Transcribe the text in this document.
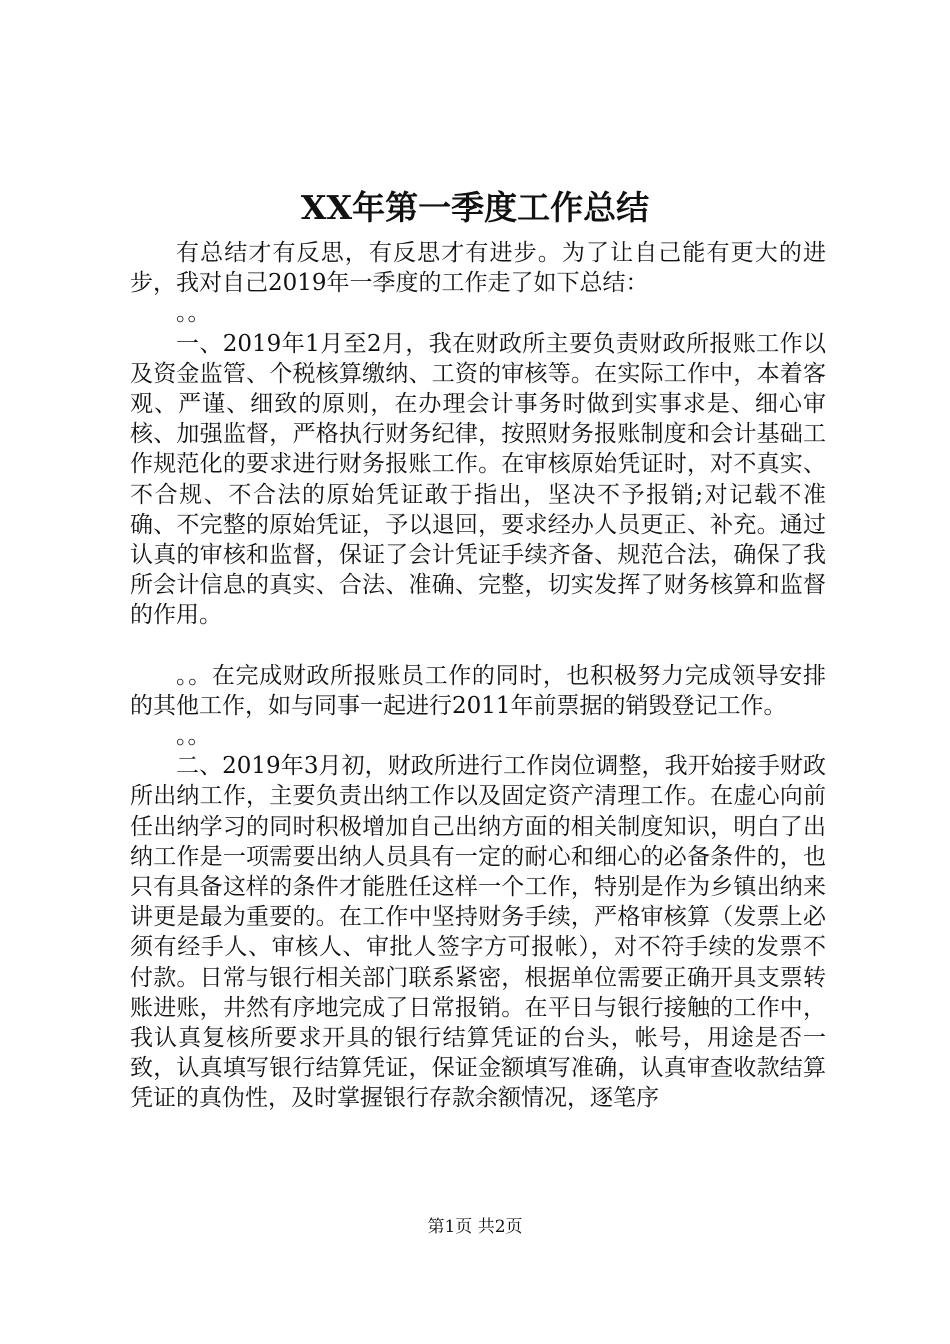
XX年第一季度工作总结

有总结才有反思，有反思才有进步。为了让自己能有更大的进步，我对自己2019年一季度的工作走了如下总结：

。。

一、2019年1月至2月，我在财政所主要负责财政所报账工作以及资金监管、个税核算缴纳、工资的审核等。在实际工作中，本着客观、严谨、细致的原则，在办理会计事务时做到实事求是、细心审核、加强监督，严格执行财务纪律，按照财务报账制度和会计基础工作规范化的要求进行财务报账工作。在审核原始凭证时，对不真实、不合规、不合法的原始凭证敢于指出，坚决不予报销;对记载不准确、不完整的原始凭证，予以退回，要求经办人员更正、补充。通过认真的审核和监督，保证了会计凭证手续齐备、规范合法，确保了我所会计信息的真实、合法、准确、完整，切实发挥了财务核算和监督的作用。

。。在完成财政所报账员工作的同时，也积极努力完成领导安排的其他工作，如与同事一起进行2011年前票据的销毁登记工作。

。。

二、2019年3月初，财政所进行工作岗位调整，我开始接手财政所出纳工作，主要负责出纳工作以及固定资产清理工作。在虚心向前任出纳学习的同时积极增加自己出纳方面的相关制度知识，明白了出纳工作是一项需要出纳人员具有一定的耐心和细心的必备条件的，也只有具备这样的条件才能胜任这样一个工作，特别是作为乡镇出纳来讲更是最为重要的。在工作中坚持财务手续，严格审核算（发票上必须有经手人、审核人、审批人签字方可报帐），对不符手续的发票不付款。日常与银行相关部门联系紧密，根据单位需要正确开具支票转账进账，井然有序地完成了日常报销。在平日与银行接触的工作中，我认真复核所要求开具的银行结算凭证的台头，帐号，用途是否一致，认真填写银行结算凭证，保证金额填写准确，认真审查收款结算凭证的真伪性，及时掌握银行存款余额情况，逐笔序

第1页 共2页
